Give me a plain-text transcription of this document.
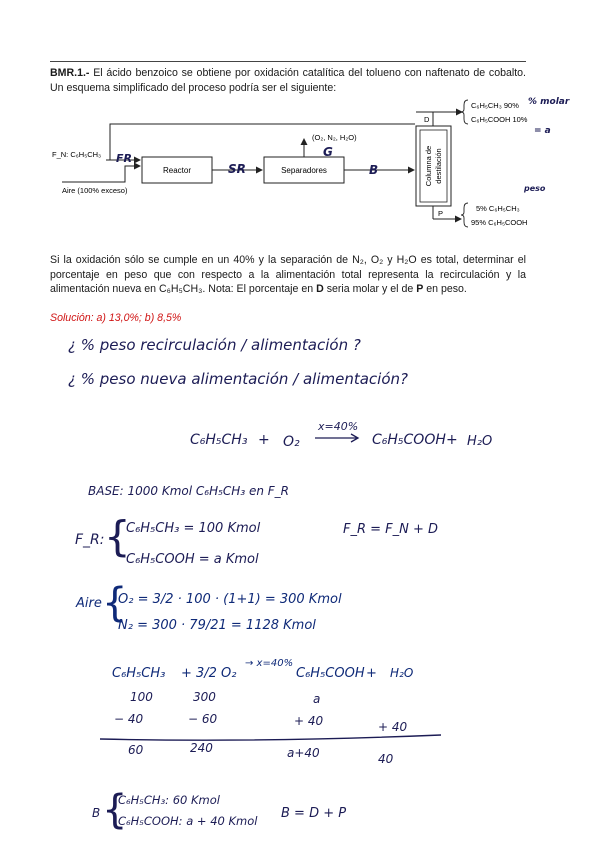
BMR.1.- El ácido benzoico se obtiene por oxidación catalítica del tolueno con naftenato de cobalto. Un esquema simplificado del proceso podría ser el siguiente:
F_N: C₆H₅CH₃
Aire (100% exceso)
Reactor	Separadores
(O₂, N₂, H₂O)
Columna de destilación
D
C₆H₅CH₃ 90%
C₆H₅COOH 10%
P
5% C₆H₅CH₃
95% C₆H₅COOH
FR
SR
G
B
% molar
= a
peso
Si la oxidación sólo se cumple en un 40% y la separación de N₂, O₂ y H₂O es total, determinar el porcentaje en peso que con respecto a la alimentación total representa la recirculación y la alimentación nueva en C₆H₅CH₃. Nota: El porcentaje en D seria molar y el de P en peso.
Solución: a) 13,0%; b) 8,5%
¿ % peso recirculación / alimentación ?
¿ % peso nueva alimentación / alimentación?
C₆H₅CH₃ + O₂
x=40%
C₆H₅COOH + H₂O
BASE: 1000 Kmol C₆H₅CH₃ en F_R
F_R: {
C₆H₅CH₃ = 100 Kmol
C₆H₅COOH = a Kmol
F_R = F_N + D
Aire {
O₂ = 3/2 · 100 · (1+1) = 300 Kmol
N₂ = 300 · 79/21 = 1128 Kmol
C₆H₅CH₃ + 3/2 O₂
→ x=40%
C₆H₅COOH + H₂O
100	300	a
− 40	− 60	+ 40	+ 40
60	240	a+40	40
B {
C₆H₅CH₃: 60 Kmol
C₆H₅COOH: a + 40 Kmol B = D + P
